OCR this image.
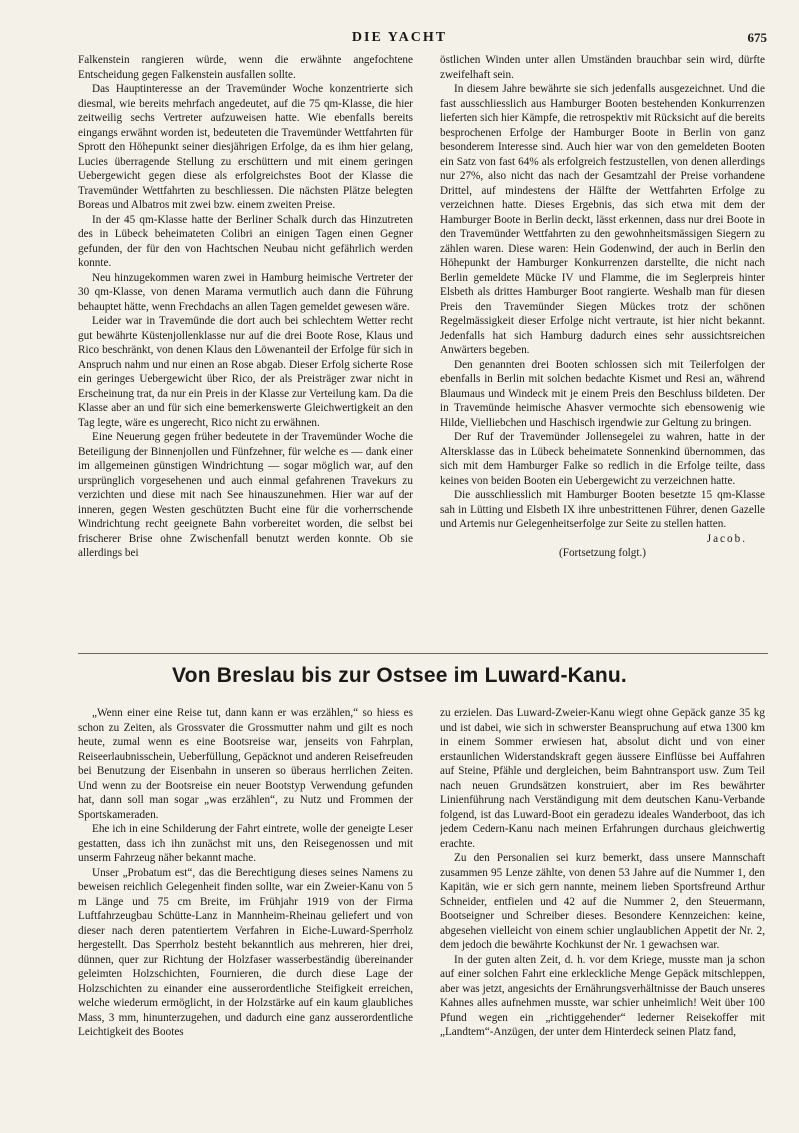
DIE YACHT	675

Falkenstein rangieren würde, wenn die erwähnte angefochtene Entscheidung gegen Falkenstein ausfallen sollte.

Das Hauptinteresse an der Travemünder Woche konzentrierte sich diesmal, wie bereits mehrfach angedeutet, auf die 75 qm-Klasse, die hier zeitweilig sechs Vertreter aufzuweisen hatte. Wie ebenfalls bereits eingangs erwähnt worden ist, bedeuteten die Travemünder Wettfahrten für Sprott den Höhepunkt seiner diesjährigen Erfolge, da es ihm hier gelang, Lucies überragende Stellung zu erschüttern und mit einem geringen Uebergewicht gegen diese als erfolgreichstes Boot der Klasse die Travemünder Wettfahrten zu beschliessen. Die nächsten Plätze belegten Boreas und Albatros mit zwei bzw. einem zweiten Preise.

In der 45 qm-Klasse hatte der Berliner Schalk durch das Hinzutreten des in Lübeck beheimateten Colibri an einigen Tagen einen Gegner gefunden, der für den von Hachtschen Neubau nicht gefährlich werden konnte.

Neu hinzugekommen waren zwei in Hamburg heimische Vertreter der 30 qm-Klasse, von denen Marama vermutlich auch dann die Führung behauptet hätte, wenn Frechdachs an allen Tagen gemeldet gewesen wäre.

Leider war in Travemünde die dort auch bei schlechtem Wetter recht gut bewährte Küstenjollenklasse nur auf die drei Boote Rose, Klaus und Rico beschränkt, von denen Klaus den Löwenanteil der Erfolge für sich in Anspruch nahm und nur einen an Rose abgab. Dieser Erfolg sicherte Rose ein geringes Uebergewicht über Rico, der als Preisträger zwar nicht in Erscheinung trat, da nur ein Preis in der Klasse zur Verteilung kam. Da die Klasse aber an und für sich eine bemerkenswerte Gleichwertigkeit an den Tag legte, wäre es ungerecht, Rico nicht zu erwähnen.

Eine Neuerung gegen früher bedeutete in der Travemünder Woche die Beteiligung der Binnenjollen und Fünfzehner, für welche es — dank einer im allgemeinen günstigen Windrichtung — sogar möglich war, auf den ursprünglich vorgesehenen und auch einmal gefahrenen Travekurs zu verzichten und diese mit nach See hinauszunehmen. Hier war auf der inneren, gegen Westen geschützten Bucht eine für die vorherrschende Windrichtung recht geeignete Bahn vorbereitet worden, die selbst bei frischerer Brise ohne Zwischenfall benutzt werden konnte. Ob sie allerdings bei

östlichen Winden unter allen Umständen brauchbar sein wird, dürfte zweifelhaft sein.

In diesem Jahre bewährte sie sich jedenfalls ausgezeichnet. Und die fast ausschliesslich aus Hamburger Booten bestehenden Konkurrenzen lieferten sich hier Kämpfe, die retrospektiv mit Rücksicht auf die bereits besprochenen Erfolge der Hamburger Boote in Berlin von ganz besonderem Interesse sind. Auch hier war von den gemeldeten Booten ein Satz von fast 64% als erfolgreich festzustellen, von denen allerdings nur 27%, also nicht das nach der Gesamtzahl der Preise vorhandene Drittel, auf mindestens der Hälfte der Wettfahrten Erfolge zu verzeichnen hatte. Dieses Ergebnis, das sich etwa mit dem der Hamburger Boote in Berlin deckt, lässt erkennen, dass nur drei Boote in den Travemünder Wettfahrten zu den gewohnheitsmässigen Siegern zu zählen waren. Diese waren: Hein Godenwind, der auch in Berlin den Höhepunkt der Hamburger Konkurrenzen darstellte, die nicht nach Berlin gemeldete Mücke IV und Flamme, die im Seglerpreis hinter Elsbeth als drittes Hamburger Boot rangierte. Weshalb man für diesen Preis den Travemünder Siegen Mückes trotz der schönen Regelmässigkeit dieser Erfolge nicht vertraute, ist hier nicht bekannt. Jedenfalls hat sich Hamburg dadurch eines sehr aussichtsreichen Anwärters begeben.

Den genannten drei Booten schlossen sich mit Teilerfolgen der ebenfalls in Berlin mit solchen bedachte Kismet und Resi an, während Blaumaus und Windeck mit je einem Preis den Beschluss bildeten. Der in Travemünde heimische Ahasver vermochte sich ebensowenig wie Hilde, Vielliebchen und Haschisch irgendwie zur Geltung zu bringen.

Der Ruf der Travemünder Jollensegelei zu wahren, hatte in der Altersklasse das in Lübeck beheimatete Sonnenkind übernommen, das sich mit dem Hamburger Falke so redlich in die Erfolge teilte, dass keines von beiden Booten ein Uebergewicht zu verzeichnen hatte.

Die ausschliesslich mit Hamburger Booten besetzte 15 qm-Klasse sah in Lütting und Elsbeth IX ihre unbestrittenen Führer, denen Gazelle und Artemis nur Gelegenheitserfolge zur Seite zu stellen hatten.

Jacob.

(Fortsetzung folgt.)

Von Breslau bis zur Ostsee im Luward-Kanu.

„Wenn einer eine Reise tut, dann kann er was erzählen,“ so hiess es schon zu Zeiten, als Grossvater die Grossmutter nahm und gilt es noch heute, zumal wenn es eine Bootsreise war, jenseits von Fahrplan, Reiseerlaubnisschein, Ueberfüllung, Gepäcknot und anderen Reisefreuden bei Benutzung der Eisenbahn in unseren so überaus herrlichen Zeiten. Und wenn zu der Bootsreise ein neuer Bootstyp Verwendung gefunden hat, dann soll man sogar „was erzählen“, zu Nutz und Frommen der Sportskameraden.

Ehe ich in eine Schilderung der Fahrt eintrete, wolle der geneigte Leser gestatten, dass ich ihn zunächst mit uns, den Reisegenossen und mit unserm Fahrzeug näher bekannt mache.

Unser „Probatum est“, das die Berechtigung dieses seines Namens zu beweisen reichlich Gelegenheit finden sollte, war ein Zweier-Kanu von 5 m Länge und 75 cm Breite, im Frühjahr 1919 von der Firma Luftfahrzeugbau Schütte-Lanz in Mannheim-Rheinau geliefert und von dieser nach deren patentiertem Verfahren in Eiche-Luward-Sperrholz hergestellt. Das Sperrholz besteht bekanntlich aus mehreren, hier drei, dünnen, quer zur Richtung der Holzfaser wasserbeständig übereinander geleimten Holzschichten, Fournieren, die durch diese Lage der Holzschichten zu einander eine ausserordentliche Steifigkeit erreichen, welche wiederum ermöglicht, in der Holzstärke auf ein kaum glaubliches Mass, 3 mm, hinunterzugehen, und dadurch eine ganz ausserordentliche Leichtigkeit des Bootes

zu erzielen. Das Luward-Zweier-Kanu wiegt ohne Gepäck ganze 35 kg und ist dabei, wie sich in schwerster Beanspruchung auf etwa 1300 km in einem Sommer erwiesen hat, absolut dicht und von einer erstaunlichen Widerstandskraft gegen äussere Einflüsse bei Auffahren auf Steine, Pfähle und dergleichen, beim Bahntransport usw. Zum Teil nach neuen Grundsätzen konstruiert, aber im Res bewährter Linienführung nach Verständigung mit dem deutschen Kanu-Verbande folgend, ist das Luward-Boot ein geradezu ideales Wanderboot, das ich jedem Cedern-Kanu nach meinen Erfahrungen durchaus gleichwertig erachte.

Zu den Personalien sei kurz bemerkt, dass unsere Mannschaft zusammen 95 Lenze zählte, von denen 53 Jahre auf die Nummer 1, den Kapitän, wie er sich gern nannte, meinem lieben Sportsfreund Arthur Schneider, entfielen und 42 auf die Nummer 2, den Steuermann, Bootseigner und Schreiber dieses. Besondere Kennzeichen: keine, abgesehen vielleicht von einem schier unglaublichen Appetit der Nr. 2, dem jedoch die bewährte Kochkunst der Nr. 1 gewachsen war.

In der guten alten Zeit, d. h. vor dem Kriege, musste man ja schon auf einer solchen Fahrt eine erkleckliche Menge Gepäck mitschleppen, aber was jetzt, angesichts der Ernährungsverhältnisse der Bauch unseres Kahnes alles aufnehmen musste, war schier unheimlich! Weit über 100 Pfund wegen ein „richtiggehender“ lederner Reisekoffer mit „Landtem“-Anzügen, der unter dem Hinterdeck seinen Platz fand,
